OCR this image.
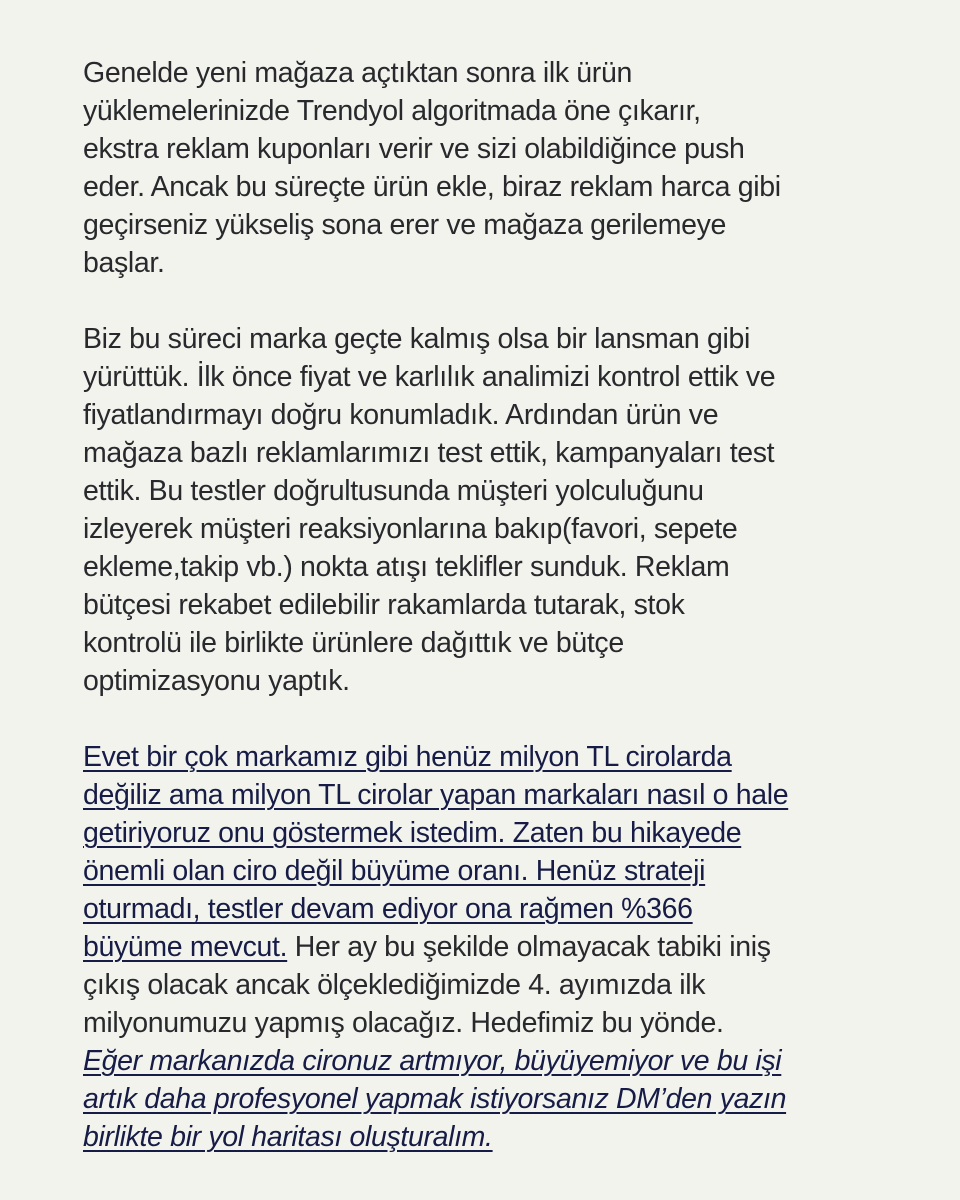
Genelde yeni mağaza açtıktan sonra ilk ürün
yüklemelerinizde Trendyol algoritmada öne çıkarır,
ekstra reklam kuponları verir ve sizi olabildiğince push
eder. Ancak bu süreçte ürün ekle, biraz reklam harca gibi
geçirseniz yükseliş sona erer ve mağaza gerilemeye
başlar.

Biz bu süreci marka geçte kalmış olsa bir lansman gibi
yürüttük. İlk önce fiyat ve karlılık analimizi kontrol ettik ve
fiyatlandırmayı doğru konumladık. Ardından ürün ve
mağaza bazlı reklamlarımızı test ettik, kampanyaları test
ettik. Bu testler doğrultusunda müşteri yolculuğunu
izleyerek müşteri reaksiyonlarına bakıp(favori, sepete
ekleme,takip vb.) nokta atışı teklifler sunduk. Reklam
bütçesi rekabet edilebilir rakamlarda tutarak, stok
kontrolü ile birlikte ürünlere dağıttık ve bütçe
optimizasyonu yaptık.

Evet bir çok markamız gibi henüz milyon TL cirolarda
değiliz ama milyon TL cirolar yapan markaları nasıl o hale
getiriyoruz onu göstermek istedim. Zaten bu hikayede
önemli olan ciro değil büyüme oranı. Henüz strateji
oturmadı, testler devam ediyor ona rağmen %366
büyüme mevcut. Her ay bu şekilde olmayacak tabiki iniş
çıkış olacak ancak ölçeklediğimizde 4. ayımızda ilk
milyonumuzu yapmış olacağız. Hedefimiz bu yönde.
Eğer markanızda cironuz artmıyor, büyüyemiyor ve bu işi
artık daha profesyonel yapmak istiyorsanız DM’den yazın
birlikte bir yol haritası oluşturalım.
